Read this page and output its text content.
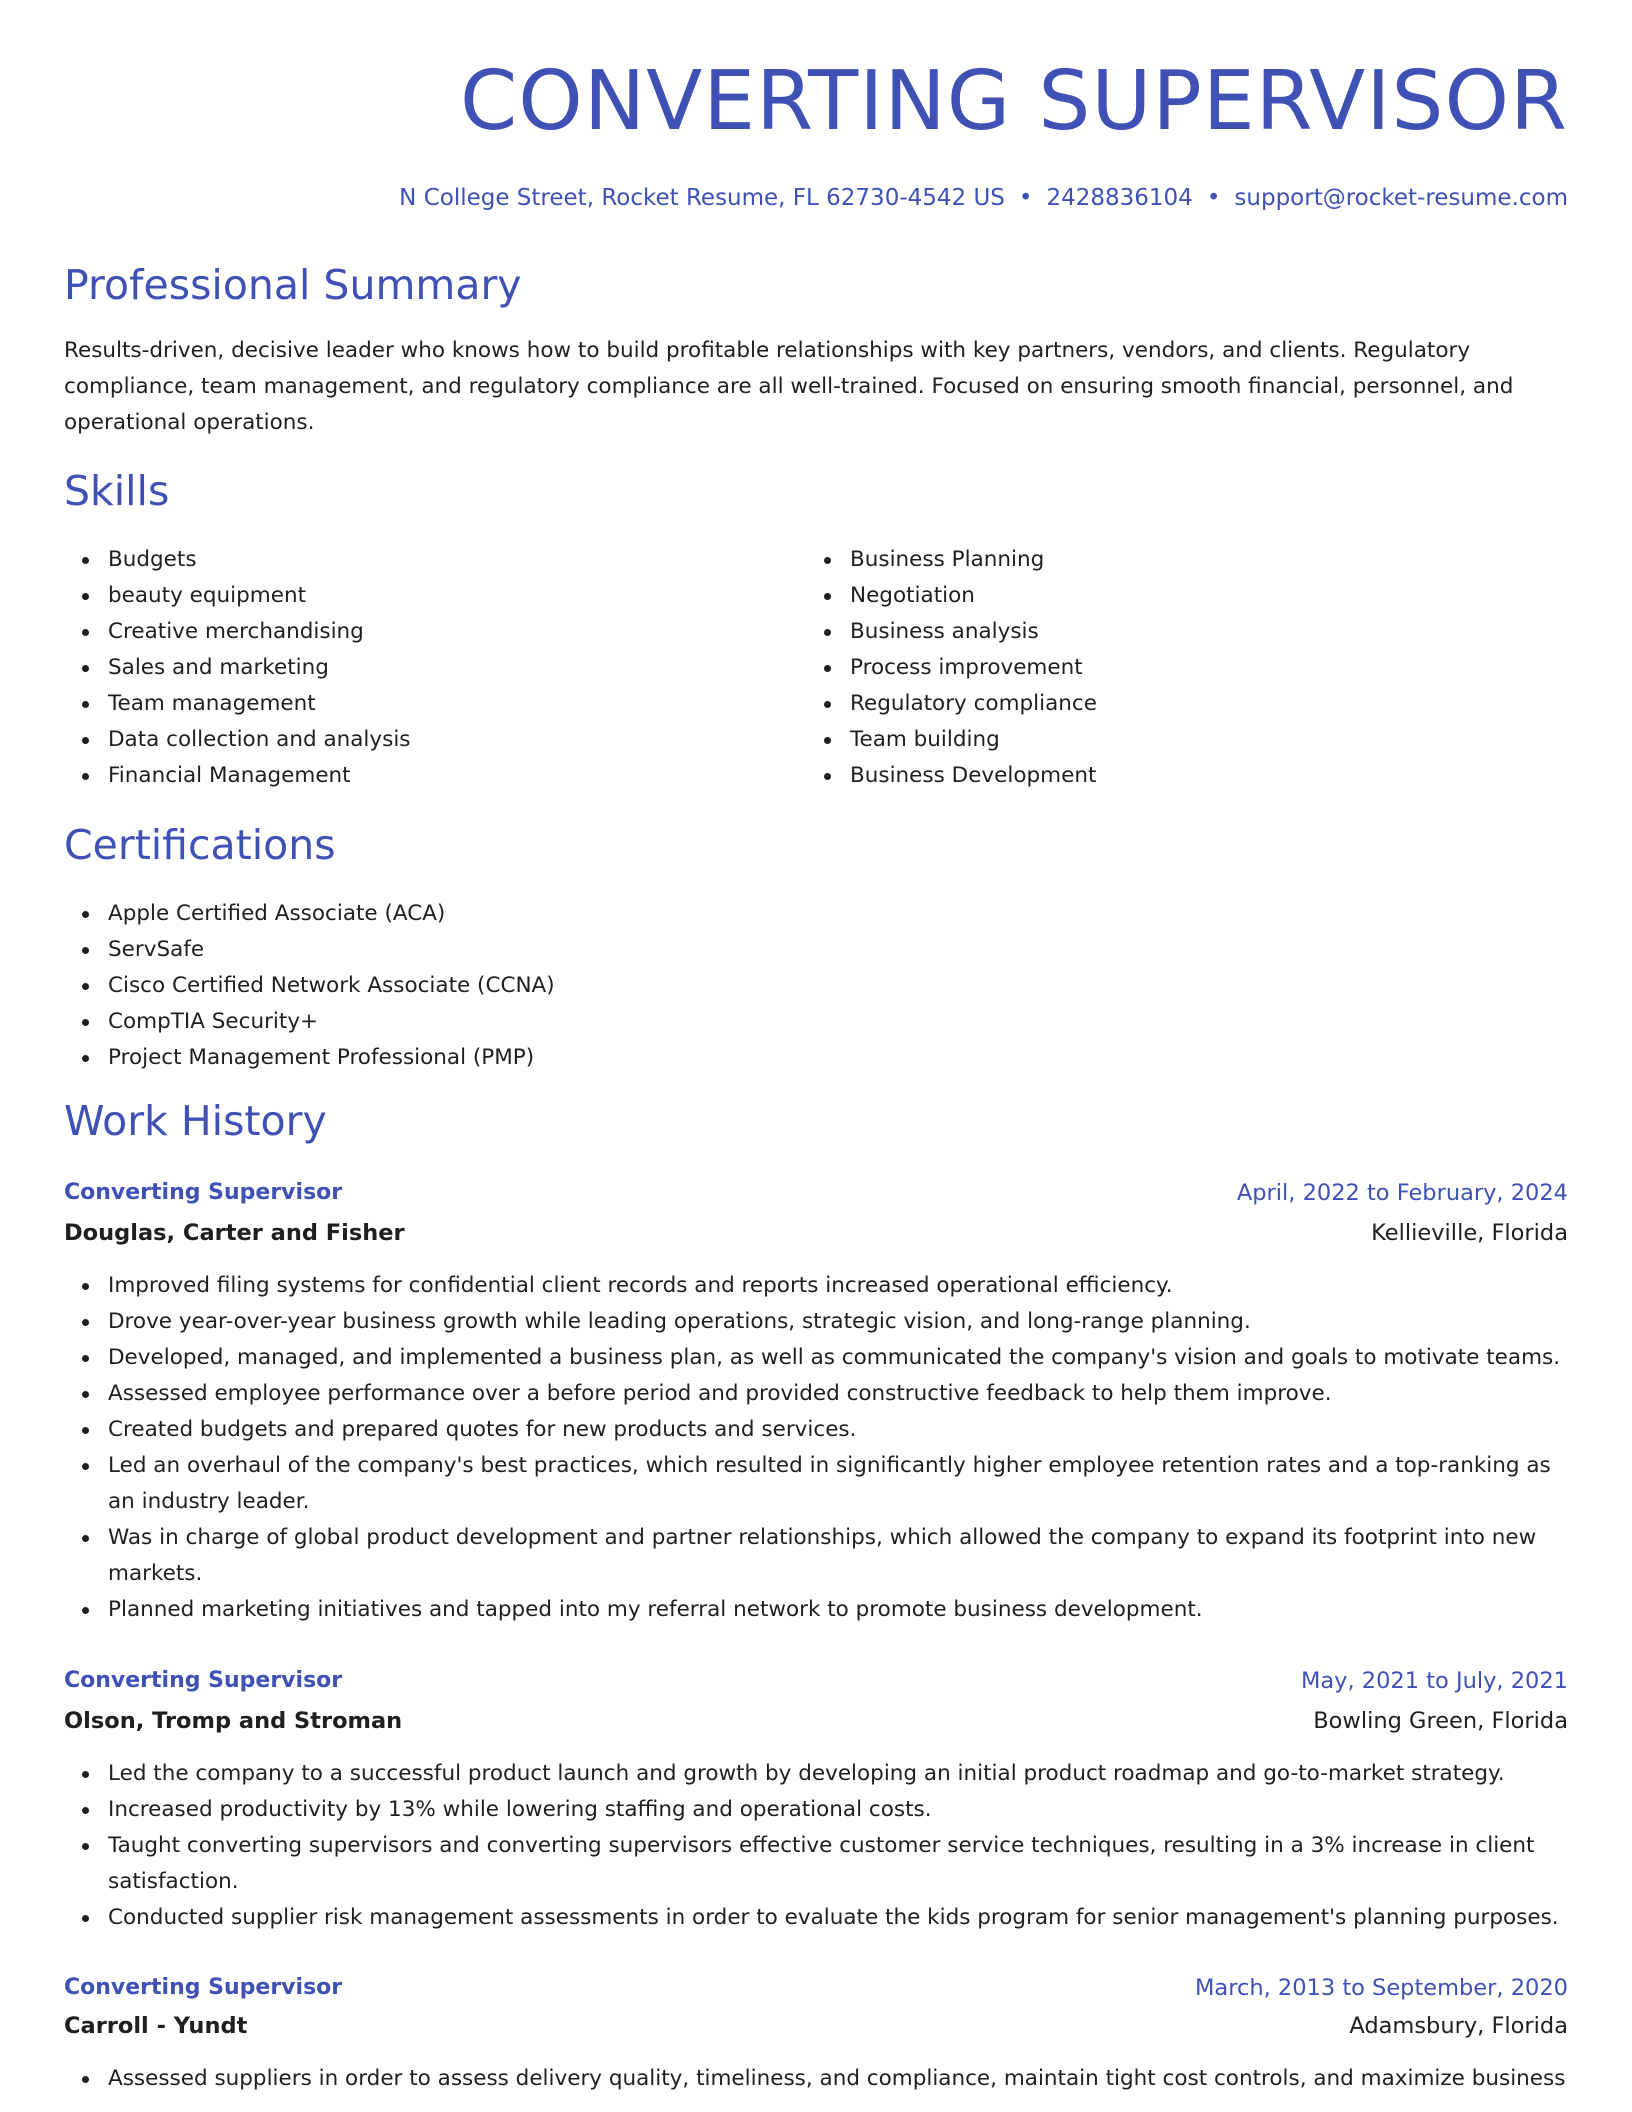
CONVERTING SUPERVISOR
N College Street, Rocket Resume, FL 62730-4542 US • 2428836104 • support@rocket-resume.com
Professional Summary

Results-driven, decisive leader who knows how to build profitable relationships with key partners, vendors, and clients. Regulatory compliance, team management, and regulatory compliance are all well-trained. Focused on ensuring smooth financial, personnel, and operational operations.

Skills
Budgets
beauty equipment
Creative merchandising
Sales and marketing
Team management
Data collection and analysis
Financial Management
Business Planning
Negotiation
Business analysis
Process improvement
Regulatory compliance
Team building
Business Development
Certifications
Apple Certified Associate (ACA)
ServSafe
Cisco Certified Network Associate (CCNA)
CompTIA Security+
Project Management Professional (PMP)
Work History
Converting Supervisor	April, 2022 to February, 2024
Douglas, Carter and Fisher	Kellieville, Florida
Improved filing systems for confidential client records and reports increased operational efficiency.
Drove year-over-year business growth while leading operations, strategic vision, and long-range planning.
Developed, managed, and implemented a business plan, as well as communicated the company's vision and goals to motivate teams.
Assessed employee performance over a before period and provided constructive feedback to help them improve.
Created budgets and prepared quotes for new products and services.
Led an overhaul of the company's best practices, which resulted in significantly higher employee retention rates and a top-ranking as an industry leader.
Was in charge of global product development and partner relationships, which allowed the company to expand its footprint into new markets.
Planned marketing initiatives and tapped into my referral network to promote business development.
Converting Supervisor	May, 2021 to July, 2021
Olson, Tromp and Stroman	Bowling Green, Florida
Led the company to a successful product launch and growth by developing an initial product roadmap and go-to-market strategy.
Increased productivity by 13% while lowering staffing and operational costs.
Taught converting supervisors and converting supervisors effective customer service techniques, resulting in a 3% increase in client satisfaction.
Conducted supplier risk management assessments in order to evaluate the kids program for senior management's planning purposes.
Converting Supervisor	March, 2013 to September, 2020
Carroll - Yundt	Adamsbury, Florida
Assessed suppliers in order to assess delivery quality, timeliness, and compliance, maintain tight cost controls, and maximize business
